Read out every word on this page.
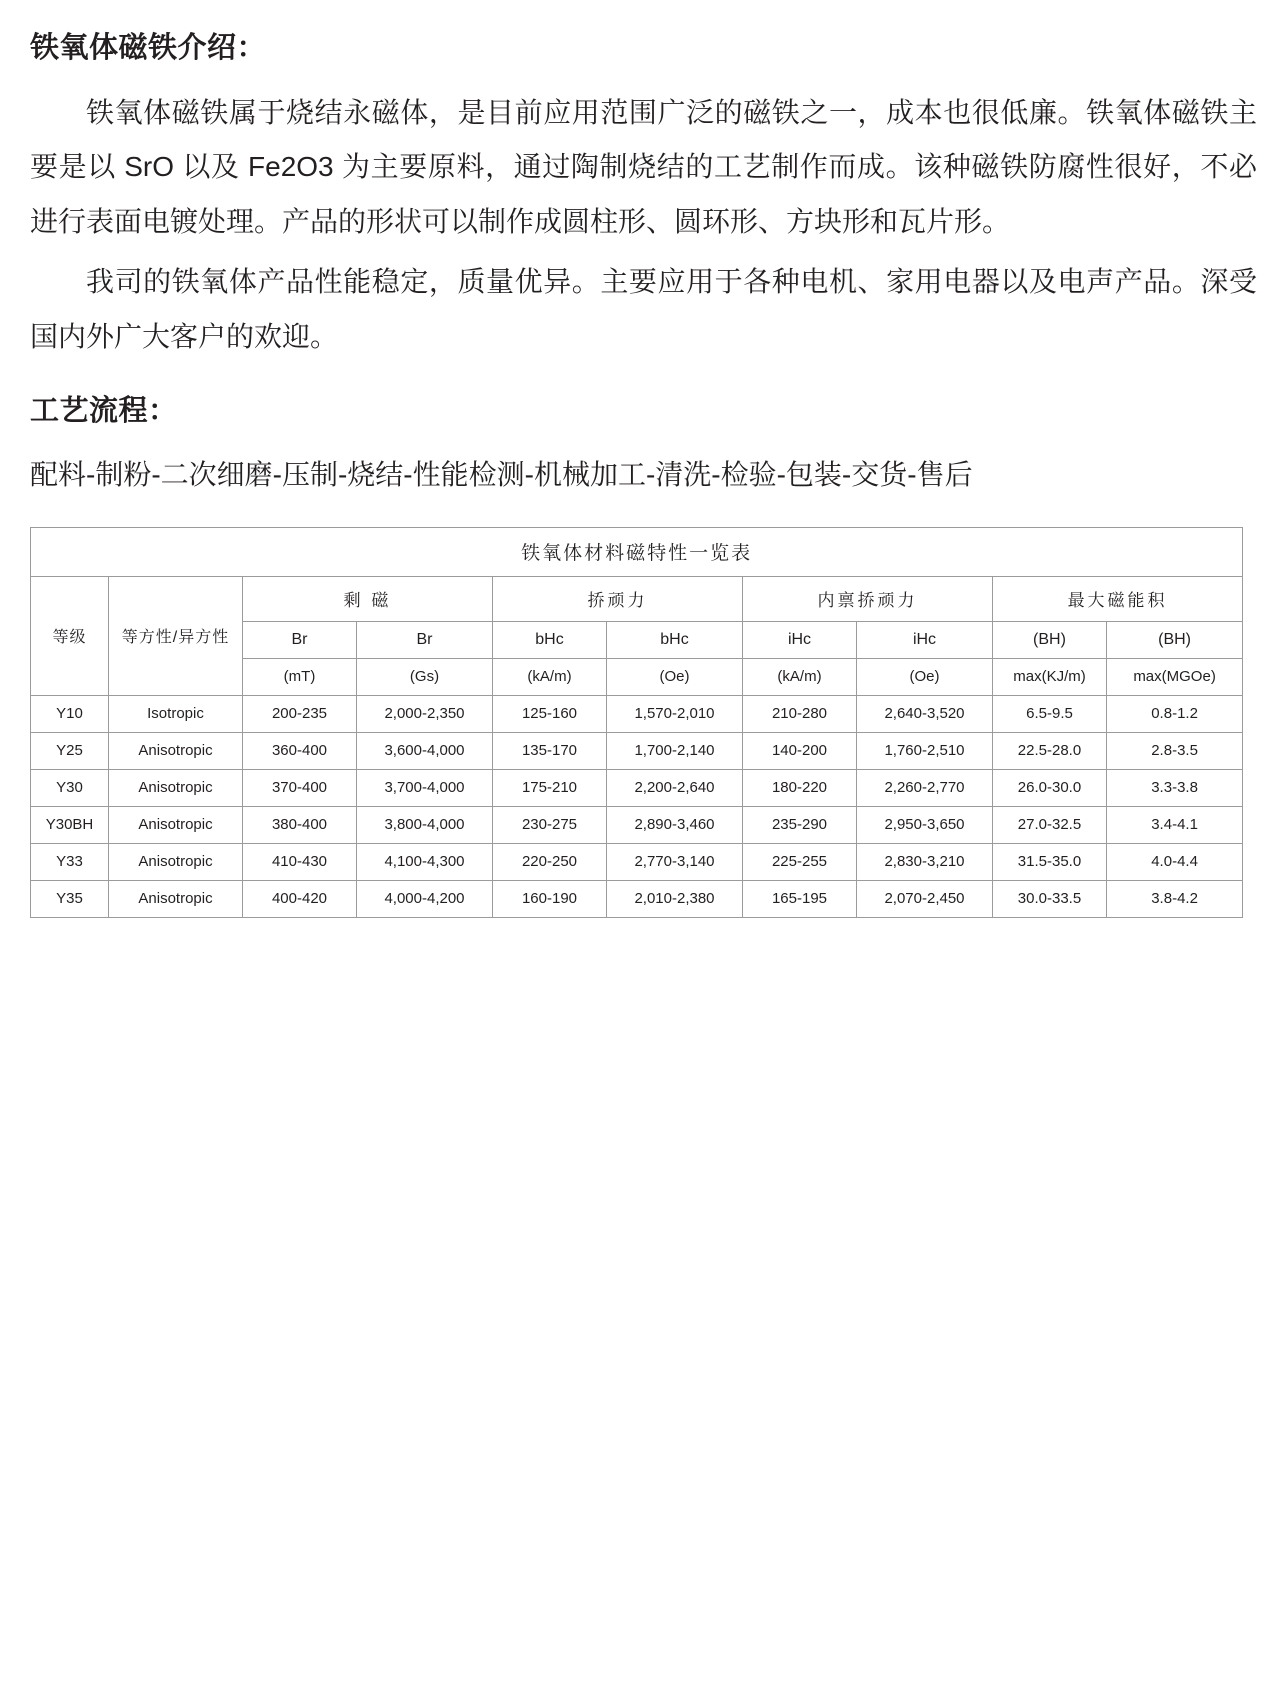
铁氧体磁铁介绍：

铁氧体磁铁属于烧结永磁体，是目前应用范围广泛的磁铁之一，成本也很低廉。铁氧体磁铁主要是以 SrO 以及 Fe2O3 为主要原料，通过陶制烧结的工艺制作而成。该种磁铁防腐性很好，不必进行表面电镀处理。产品的形状可以制作成圆柱形、圆环形、方块形和瓦片形。

我司的铁氧体产品性能稳定，质量优异。主要应用于各种电机、家用电器以及电声产品。深受国内外广大客户的欢迎。

工艺流程：

配料-制粉-二次细磨-压制-烧结-性能检测-机械加工-清洗-检验-包装-交货-售后

铁氧体材料磁特性一览表									
等级	等方性/异方性	剩 磁		挢顽力		内禀挢顽力		最大磁能积	
		Br	Br	bHc	bHc	iHc	iHc	(BH)	(BH)
		(mT)	(Gs)	(kA/m)	(Oe)	(kA/m)	(Oe)	max(KJ/m)	max(MGOe)
Y10	Isotropic	200-235	2,000-2,350	125-160	1,570-2,010	210-280	2,640-3,520	6.5-9.5	0.8-1.2
Y25	Anisotropic	360-400	3,600-4,000	135-170	1,700-2,140	140-200	1,760-2,510	22.5-28.0	2.8-3.5
Y30	Anisotropic	370-400	3,700-4,000	175-210	2,200-2,640	180-220	2,260-2,770	26.0-30.0	3.3-3.8
Y30BH	Anisotropic	380-400	3,800-4,000	230-275	2,890-3,460	235-290	2,950-3,650	27.0-32.5	3.4-4.1
Y33	Anisotropic	410-430	4,100-4,300	220-250	2,770-3,140	225-255	2,830-3,210	31.5-35.0	4.0-4.4
Y35	Anisotropic	400-420	4,000-4,200	160-190	2,010-2,380	165-195	2,070-2,450	30.0-33.5	3.8-4.2
